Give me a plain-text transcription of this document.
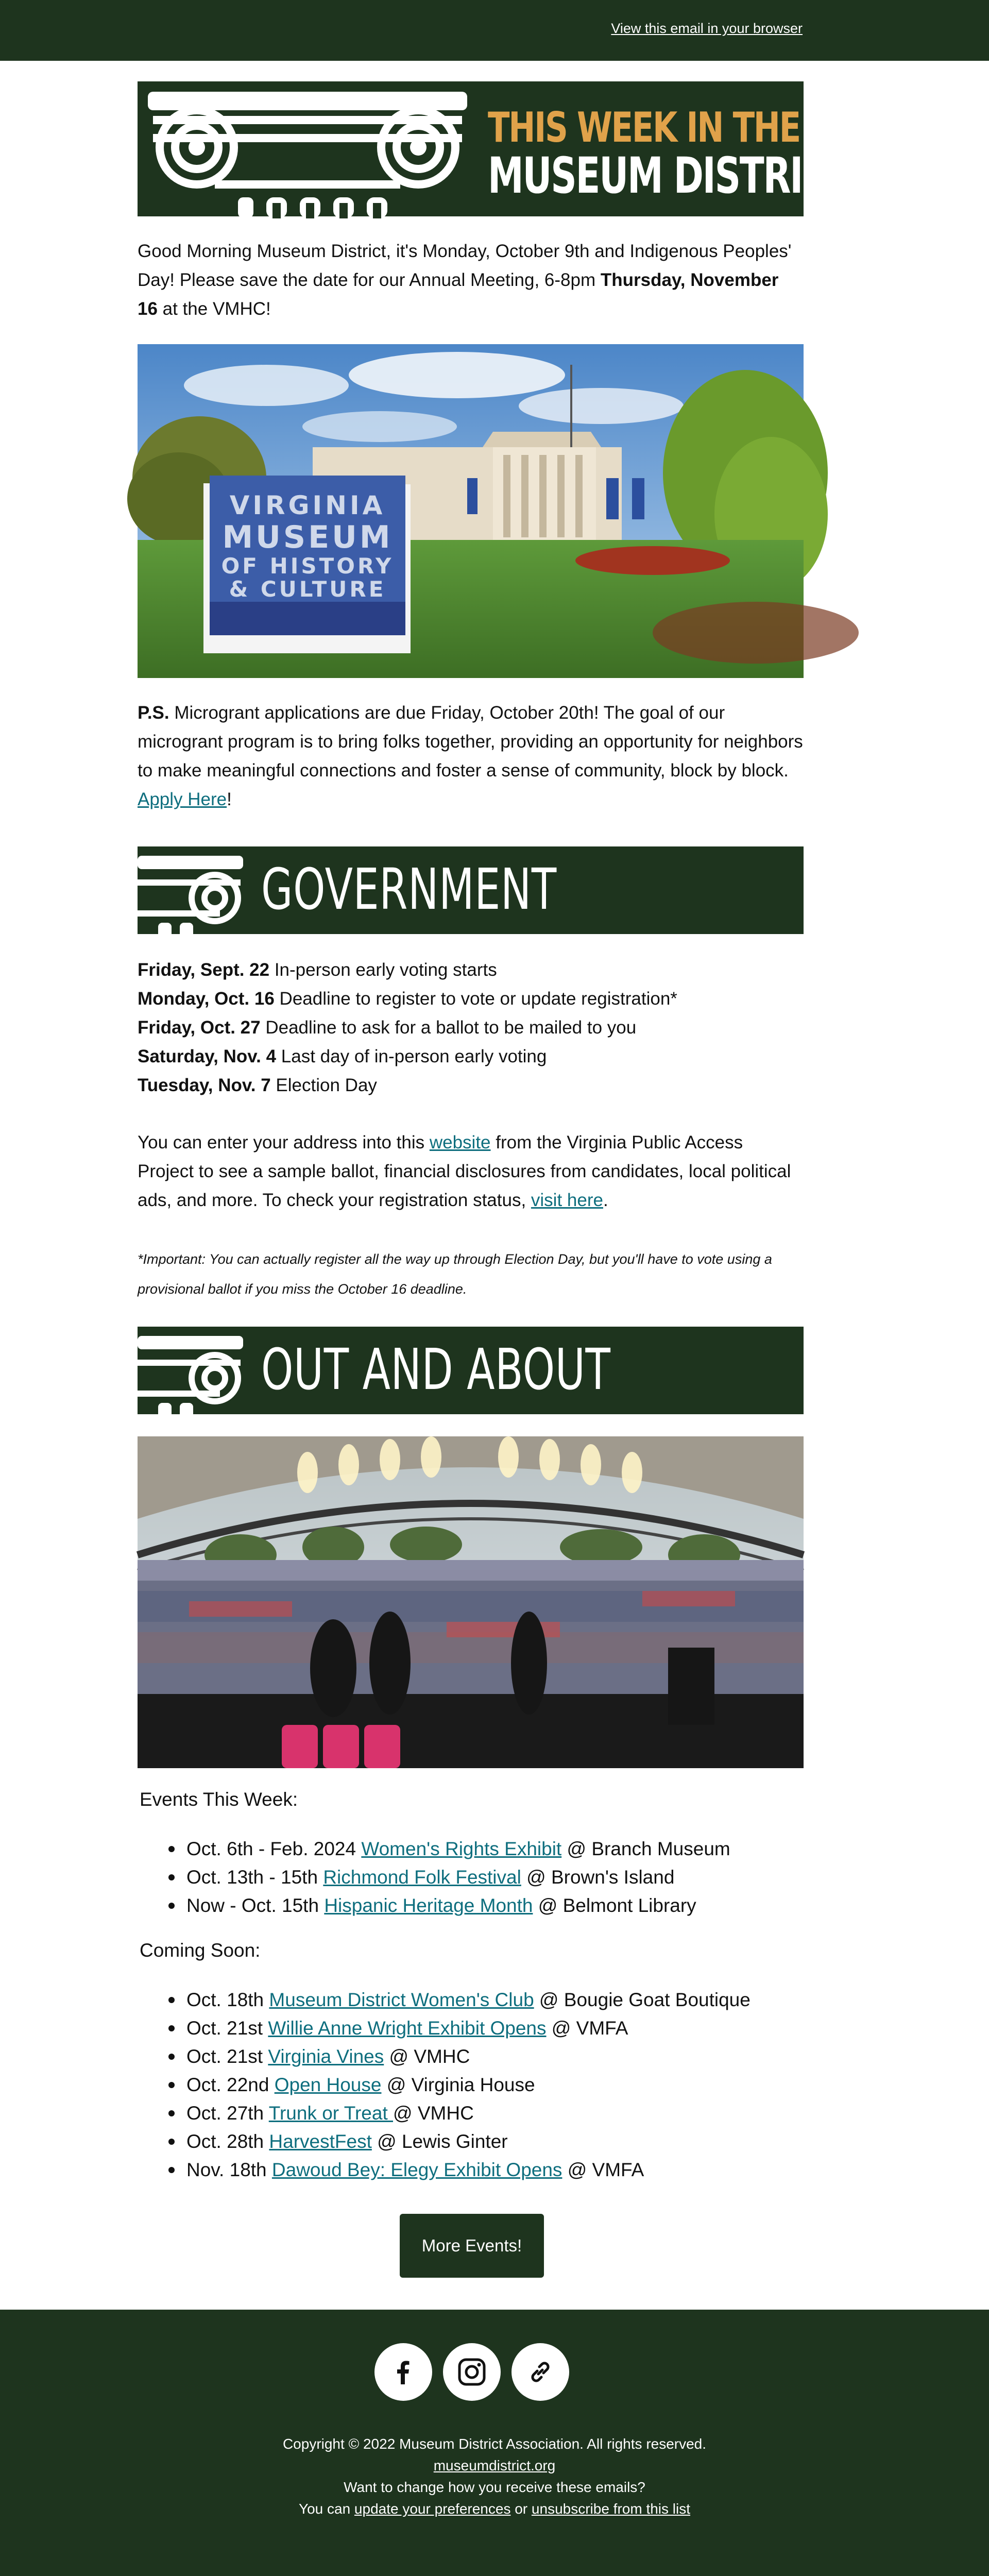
View this email in your browser
THIS WEEK IN THE
MUSEUM DISTRICT
Good Morning Museum District, it's Monday, October 9th and Indigenous Peoples' Day! Please save the date for our Annual Meeting, 6-8pm Thursday, November 16 at the VMHC!
VIRGINIA
MUSEUM
OF HISTORY
& CULTURE
P.S. Microgrant applications are due Friday, October 20th! The goal of our microgrant program is to bring folks together, providing an opportunity for neighbors to make meaningful connections and foster a sense of community, block by block. Apply Here!
GOVERNMENT
Friday, Sept. 22 In-person early voting starts
Monday, Oct. 16 Deadline to register to vote or update registration*
Friday, Oct. 27 Deadline to ask for a ballot to be mailed to you
Saturday, Nov. 4 Last day of in-person early voting
Tuesday, Nov. 7 Election Day
You can enter your address into this website from the Virginia Public Access Project to see a sample ballot, financial disclosures from candidates, local political ads, and more. To check your registration status, visit here.
*Important: You can actually register all the way up through Election Day, but you'll have to vote using a provisional ballot if you miss the October 16 deadline.
OUT AND ABOUT
Events This Week:
Oct. 6th - Feb. 2024 Women's Rights Exhibit @ Branch Museum
Oct. 13th - 15th Richmond Folk Festival @ Brown's Island
Now - Oct. 15th Hispanic Heritage Month @ Belmont Library
Coming Soon:
Oct. 18th Museum District Women's Club @ Bougie Goat Boutique
Oct. 21st Willie Anne Wright Exhibit Opens @ VMFA
Oct. 21st Virginia Vines @ VMHC
Oct. 22nd Open House @ Virginia House
Oct. 27th Trunk or Treat @ VMHC
Oct. 28th HarvestFest @ Lewis Ginter
Nov. 18th Dawoud Bey: Elegy Exhibit Opens @ VMFA
More Events!
Copyright © 2022 Museum District Association. All rights reserved.
museumdistrict.org
Want to change how you receive these emails?
You can update your preferences or unsubscribe from this list
